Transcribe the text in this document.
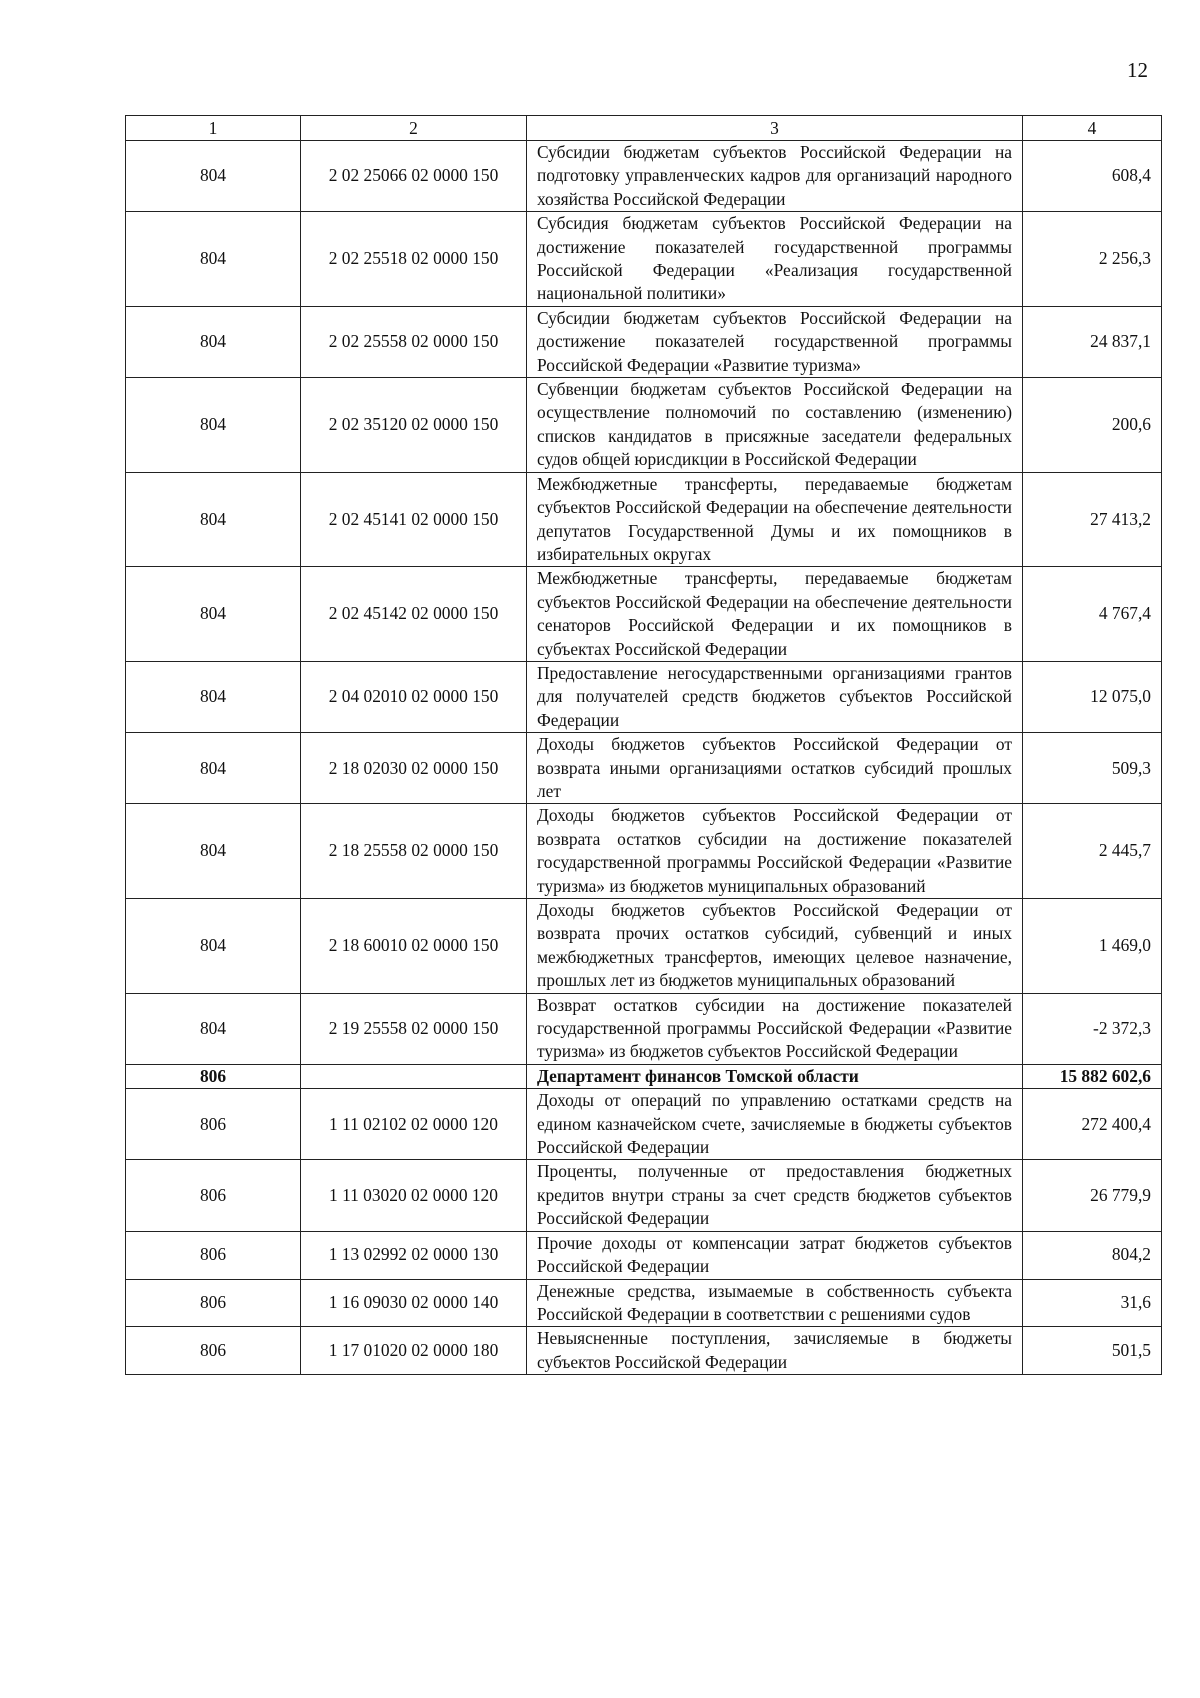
12
1	2	3	4
804	2 02 25066 02 0000 150	Субсидии бюджетам субъектов Российской Федерации на подготовку управленческих кадров для организаций народного хозяйства Российской Федерации	608,4
804	2 02 25518 02 0000 150	Субсидия бюджетам субъектов Российской Федерации на достижение показателей государственной программы Российской Федерации «Реализация государственной национальной политики»	2 256,3
804	2 02 25558 02 0000 150	Субсидии бюджетам субъектов Российской Федерации на достижение показателей государственной программы Российской Федерации «Развитие туризма»	24 837,1
804	2 02 35120 02 0000 150	Субвенции бюджетам субъектов Российской Федерации на осуществление полномочий по составлению (изменению) списков кандидатов в присяжные заседатели федеральных судов общей юрисдикции в Российской Федерации	200,6
804	2 02 45141 02 0000 150	Межбюджетные трансферты, передаваемые бюджетам субъектов Российской Федерации на обеспечение деятельности депутатов Государственной Думы и их помощников в избирательных округах	27 413,2
804	2 02 45142 02 0000 150	Межбюджетные трансферты, передаваемые бюджетам субъектов Российской Федерации на обеспечение деятельности сенаторов Российской Федерации и их помощников в субъектах Российской Федерации	4 767,4
804	2 04 02010 02 0000 150	Предоставление негосударственными организациями грантов для получателей средств бюджетов субъектов Российской Федерации	12 075,0
804	2 18 02030 02 0000 150	Доходы бюджетов субъектов Российской Федерации от возврата иными организациями остатков субсидий прошлых лет	509,3
804	2 18 25558 02 0000 150	Доходы бюджетов субъектов Российской Федерации от возврата остатков субсидии на достижение показателей государственной программы Российской Федерации «Развитие туризма» из бюджетов муниципальных образований	2 445,7
804	2 18 60010 02 0000 150	Доходы бюджетов субъектов Российской Федерации от возврата прочих остатков субсидий, субвенций и иных межбюджетных трансфертов, имеющих целевое назначение, прошлых лет из бюджетов муниципальных образований	1 469,0
804	2 19 25558 02 0000 150	Возврат остатков субсидии на достижение показателей государственной программы Российской Федерации «Развитие туризма» из бюджетов субъектов Российской Федерации	-2 372,3
806		Департамент финансов Томской области	15 882 602,6
806	1 11 02102 02 0000 120	Доходы от операций по управлению остатками средств на едином казначейском счете, зачисляемые в бюджеты субъектов Российской Федерации	272 400,4
806	1 11 03020 02 0000 120	Проценты, полученные от предоставления бюджетных кредитов внутри страны за счет средств бюджетов субъектов Российской Федерации	26 779,9
806	1 13 02992 02 0000 130	Прочие доходы от компенсации затрат бюджетов субъектов Российской Федерации	804,2
806	1 16 09030 02 0000 140	Денежные средства, изымаемые в собственность субъекта Российской Федерации в соответствии с решениями судов	31,6
806	1 17 01020 02 0000 180	Невыясненные поступления, зачисляемые в бюджеты субъектов Российской Федерации	501,5
